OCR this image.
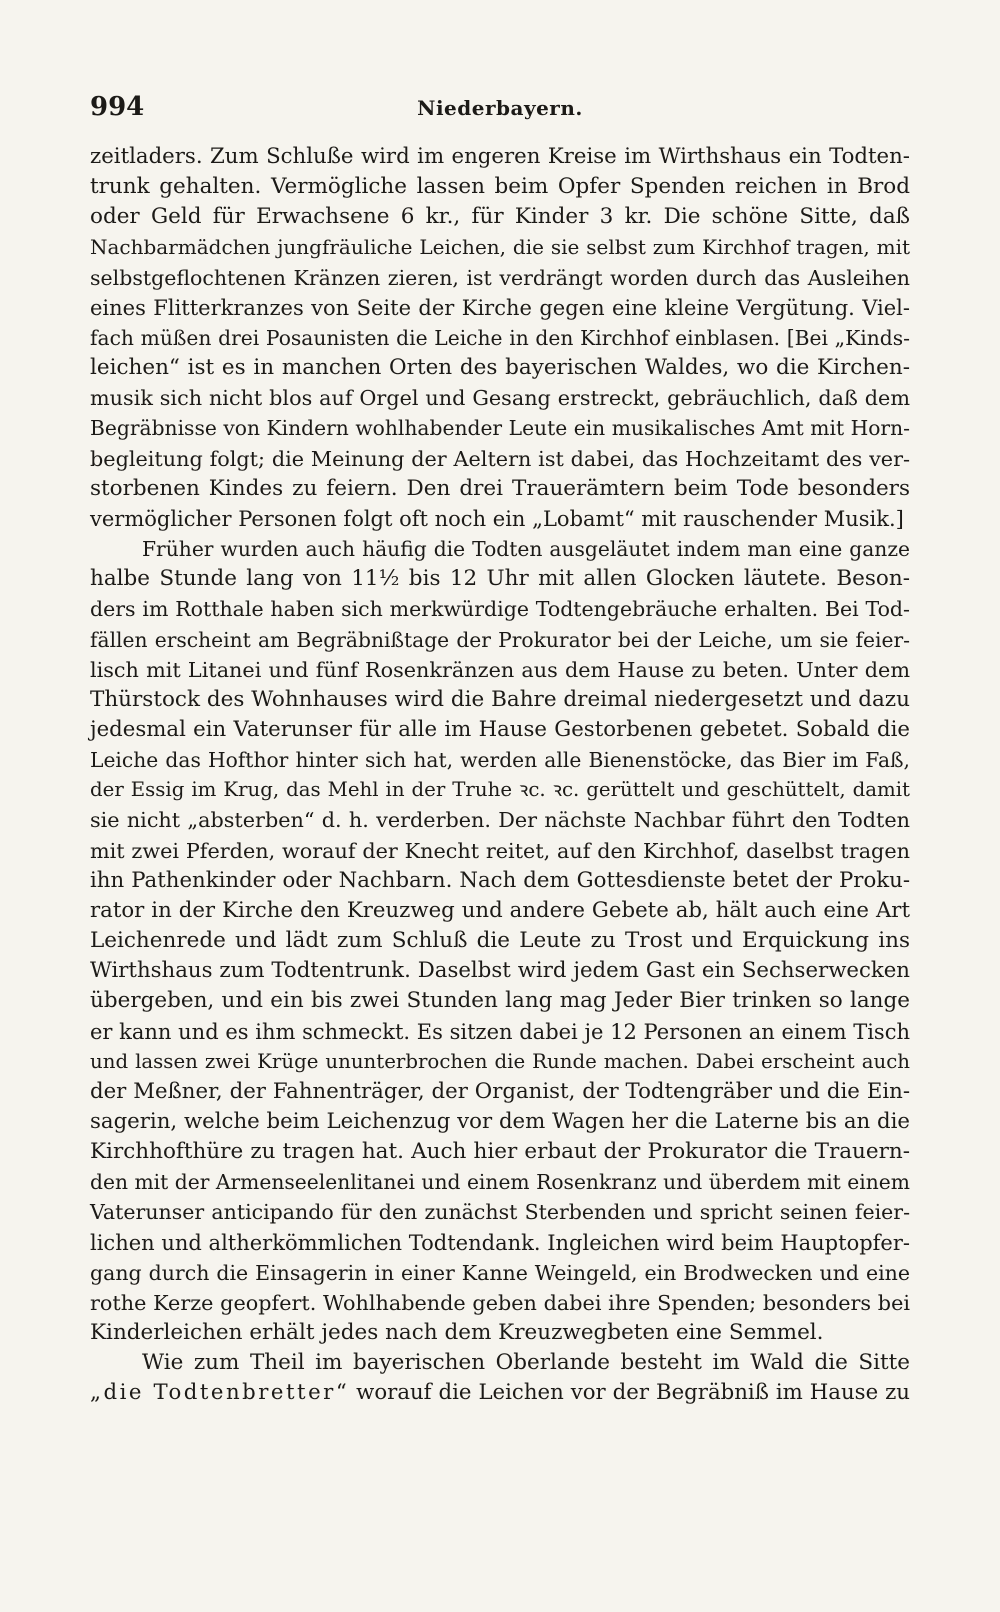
994	Niederbayern.
zeitladers. Zum Schluße wird im engeren Kreise im Wirthshaus ein Todten-
trunk gehalten. Vermögliche lassen beim Opfer Spenden reichen in Brod
oder Geld für Erwachsene 6 kr., für Kinder 3 kr. Die schöne Sitte, daß
Nachbarmädchen jungfräuliche Leichen, die sie selbst zum Kirchhof tragen, mit
selbstgeflochtenen Kränzen zieren, ist verdrängt worden durch das Ausleihen
eines Flitterkranzes von Seite der Kirche gegen eine kleine Vergütung. Viel-
fach müßen drei Posaunisten die Leiche in den Kirchhof einblasen. [Bei „Kinds-
leichen“ ist es in manchen Orten des bayerischen Waldes, wo die Kirchen-
musik sich nicht blos auf Orgel und Gesang erstreckt, gebräuchlich, daß dem
Begräbnisse von Kindern wohlhabender Leute ein musikalisches Amt mit Horn-
begleitung folgt; die Meinung der Aeltern ist dabei, das Hochzeitamt des ver-
storbenen Kindes zu feiern. Den drei Trauerämtern beim Tode besonders
vermöglicher Personen folgt oft noch ein „Lobamt“ mit rauschender Musik.]
Früher wurden auch häufig die Todten ausgeläutet indem man eine ganze
halbe Stunde lang von 11½ bis 12 Uhr mit allen Glocken läutete. Beson-
ders im Rotthale haben sich merkwürdige Todtengebräuche erhalten. Bei Tod-
fällen erscheint am Begräbnißtage der Prokurator bei der Leiche, um sie feier-
lisch mit Litanei und fünf Rosenkränzen aus dem Hause zu beten. Unter dem
Thürstock des Wohnhauses wird die Bahre dreimal niedergesetzt und dazu
jedesmal ein Vaterunser für alle im Hause Gestorbenen gebetet. Sobald die
Leiche das Hofthor hinter sich hat, werden alle Bienenstöcke, das Bier im Faß,
der Essig im Krug, das Mehl in der Truhe ꝛc. ꝛc. gerüttelt und geschüttelt, damit
sie nicht „absterben“ d. h. verderben. Der nächste Nachbar führt den Todten
mit zwei Pferden, worauf der Knecht reitet, auf den Kirchhof, daselbst tragen
ihn Pathenkinder oder Nachbarn. Nach dem Gottesdienste betet der Proku-
rator in der Kirche den Kreuzweg und andere Gebete ab, hält auch eine Art
Leichenrede und lädt zum Schluß die Leute zu Trost und Erquickung ins
Wirthshaus zum Todtentrunk. Daselbst wird jedem Gast ein Sechserwecken
übergeben, und ein bis zwei Stunden lang mag Jeder Bier trinken so lange
er kann und es ihm schmeckt. Es sitzen dabei je 12 Personen an einem Tisch
und lassen zwei Krüge ununterbrochen die Runde machen. Dabei erscheint auch
der Meßner, der Fahnenträger, der Organist, der Todtengräber und die Ein-
sagerin, welche beim Leichenzug vor dem Wagen her die Laterne bis an die
Kirchhofthüre zu tragen hat. Auch hier erbaut der Prokurator die Trauern-
den mit der Armenseelenlitanei und einem Rosenkranz und überdem mit einem
Vaterunser anticipando für den zunächst Sterbenden und spricht seinen feier-
lichen und altherkömmlichen Todtendank. Ingleichen wird beim Hauptopfer-
gang durch die Einsagerin in einer Kanne Weingeld, ein Brodwecken und eine
rothe Kerze geopfert. Wohlhabende geben dabei ihre Spenden; besonders bei
Kinderleichen erhält jedes nach dem Kreuzwegbeten eine Semmel.
Wie zum Theil im bayerischen Oberlande besteht im Wald die Sitte
„die Todtenbretter“ worauf die Leichen vor der Begräbniß im Hause zu
